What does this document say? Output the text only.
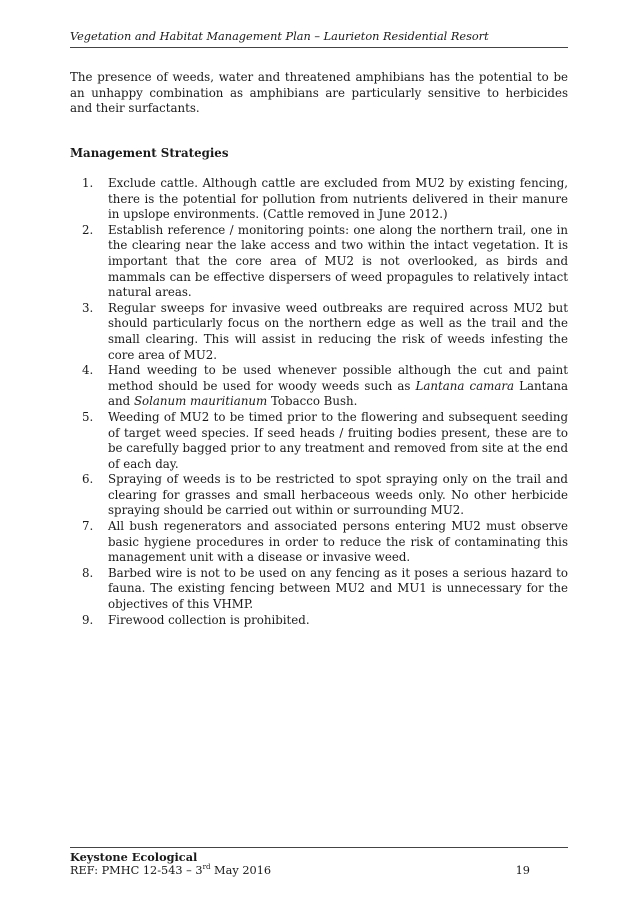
Vegetation and Habitat Management Plan – Laurieton Residential Resort

The presence of weeds, water and threatened amphibians has the potential to be an unhappy combination as amphibians are particularly sensitive to herbicides and their surfactants.

Management Strategies
1.	Exclude cattle. Although cattle are excluded from MU2 by existing fencing, there is the potential for pollution from nutrients delivered in their manure in upslope environments. (Cattle removed in June 2012.)
2.	Establish reference / monitoring points: one along the northern trail, one in the clearing near the lake access and two within the intact vegetation. It is important that the core area of MU2 is not overlooked, as birds and mammals can be effective dispersers of weed propagules to relatively intact natural areas.
3.	Regular sweeps for invasive weed outbreaks are required across MU2 but should particularly focus on the northern edge as well as the trail and the small clearing. This will assist in reducing the risk of weeds infesting the core area of MU2.
4.	Hand weeding to be used whenever possible although the cut and paint method should be used for woody weeds such as Lantana camara Lantana and Solanum mauritianum Tobacco Bush.
5.	Weeding of MU2 to be timed prior to the flowering and subsequent seeding of target weed species. If seed heads / fruiting bodies present, these are to be carefully bagged prior to any treatment and removed from site at the end of each day.
6.	Spraying of weeds is to be restricted to spot spraying only on the trail and clearing for grasses and small herbaceous weeds only. No other herbicide spraying should be carried out within or surrounding MU2.
7.	All bush regenerators and associated persons entering MU2 must observe basic hygiene procedures in order to reduce the risk of contaminating this management unit with a disease or invasive weed.
8.	Barbed wire is not to be used on any fencing as it poses a serious hazard to fauna. The existing fencing between MU2 and MU1 is unnecessary for the objectives of this VHMP.
9.	Firewood collection is prohibited.
Keystone Ecological
REF: PMHC 12-543 – 3rd May 2016	19
